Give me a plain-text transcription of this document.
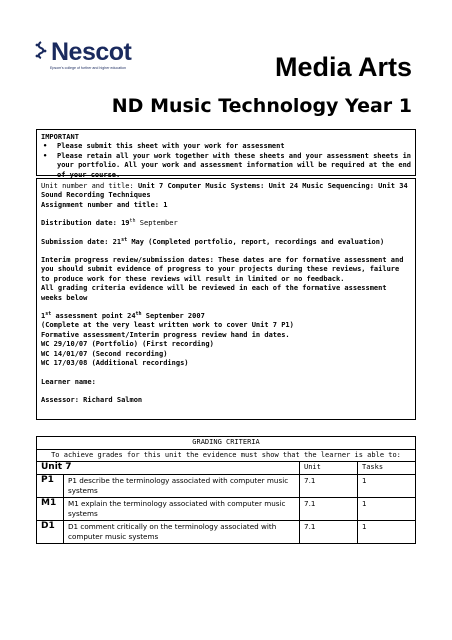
Nescot
Epsom's college of further and higher education	Media Arts
ND Music Technology Year 1

IMPORTANT

• Please submit this sheet with your work for assessment
• Please retain all your work together with these sheets and your assessment sheets in your portfolio. All your work and assessment information will be required at the end of your course.

Unit number and title: Unit 7 Computer Music Systems: Unit 24 Music Sequencing: Unit 34 Sound Recording Techniques

Assignment number and title: 1

Distribution date: 19th September

Submission date: 21st May (Completed portfolio, report, recordings and evaluation)

Interim progress review/submission dates: These dates are for formative assessment and you should submit evidence of progress to your projects during these reviews, failure to produce work for these reviews will result in limited or no feedback.

All grading criteria evidence will be reviewed in each of the formative assessment weeks below

1st assessment point 24th September 2007

(Complete at the very least written work to cover Unit 7 P1)

Formative assessment/Interim progress review hand in dates.

WC 29/10/07 (Portfolio) (First recording)

WC 14/01/07 (Second recording)

WC 17/03/08 (Additional recordings)

Learner name:

Assessor: Richard Salmon

GRADING CRITERIA			
To achieve grades for this unit the evidence must show that the learner is able to:			
Unit 7		Unit	Tasks
P1	P1 describe the terminology associated with computer music systems	7.1	1
M1	M1 explain the terminology associated with computer music systems	7.1	1
D1	D1 comment critically on the terminology associated with computer music systems	7.1	1
